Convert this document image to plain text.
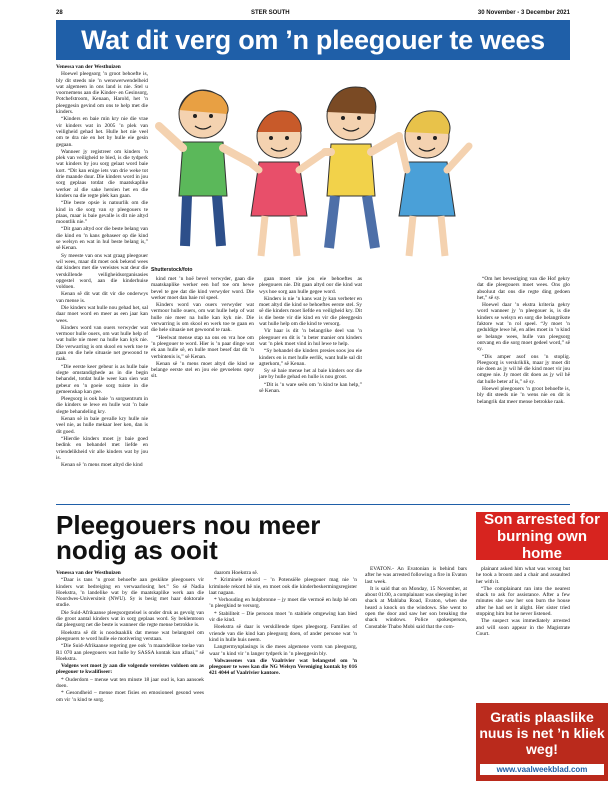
28	STER SOUTH	30 November - 3 December 2021
Wat dit verg om ’n pleegouer te wees

Venessa van der Westhuizen

Hoewel pleegsorg ’n groot behoefte is, bly dit steeds nie ’n wenswerwendelheid wat algemeen in ons land is nie. Stel u voornemens aan die Kinder- en Gesinsorg, Potchefstroom, Kenaan, Harold, het ’n pleeggesin gevind om ons te help met die kinders.

“Kinders en baie min kry nie die vrae vir kinders wat in 2005 ’n plek van veiligheid gehad het. Hulle het nie veel om te dra nie en het by hulle eie gesin gegaan.

Wanneer jy registreer om kinders ’n plek van veiligheid te bied, is die tydperk wat kinders by jou sorg gelaat word baie kort. “Dit kan enige iets van drie weke tot drie maande duur. Die kinders word in jou sorg geplaas totdat die maatskaplike werker al die sake hersien het en die kinders na die regte plek kan gaan.

“Die beste opsie is natuurlik om die kind in die sorg van sy pleegouers te plaas, maar is baie gevalle is dit nie altyd moontlik nie.”

“Dit gaan altyd oor die beste belang van die kind en ’n kans gebaseer op die kind se welsyn en wat in hul beste belang is,” sê Kenan.

Sy meeste van ons wat graag pleegouer wil wees, maar dit moet ook bekend wees dat kinders met die vereistes wat deur die verskillende veiligheidsorganisasies opgestel word, aan die kinderhuise voldoen.

Kenan sê dit wat dit vir die onderwys van mense is.

Die kinders wat hulle nou gehad het, sal daar moet word en meer as een jaar kan wees.

Kinders word van ouers verwyder wat vermoor hulle ouers, om wat hulle help of wat hulle nie meer na hulle kan kyk nie. Die verwarring is om skool en werk toe te gaan en die hele situasie net gewoond te raak.

“Die eerste keer gebeur is as hulle baie slegte omstandighede as in die begin behandel, totdat hulle weer kan sien wat gebeur en ’n goeie sorg tuiste in die gemeenskap kan gee.

Pleegsorg is ook baie ’n sorgsentrum in die kinders se lewe en hulle wat ’n baie slegte behandeling kry.

Kenan sê in baie gevalle kry hulle nie veel nie, as hulle mekaar leer ken, dan is dit goed.

“Hierdie kinders moet jy baie goed bedink en behandel met liefde en vriendelikheid vir alle kinders wat by jou is.

Kenan sê ’n mens moet altyd die kind

Shutterstock/foto

kind met ’n hoë bevel verwyder, gaan die maatskaplike werker een hof toe om hewe bevel te gee dat die kind verwyder word. Die werker moet dan baie rol speel.

Kinders word van ouers verwyder wat vermoor hulle ouers, om wat hulle help of wat hulle nie meer na hulle kan kyk nie. Die verwarring is om skool en werk toe te gaan en die hele situasie net gewoond te raak.

“Heelwat mense stap na ons en vra hoe om ’n pleegouer te word. Hier is ’n paar dinge wat ek aan hulle sê, en hulle moet besef dat dit ’n verbintenis is,” sê Kenan.

Kenan sê ’n mens moet altyd die kind se belange eerste stel en jou eie gevoelens opsy sit.

gaan moet nie jou eie behoeftes as pleegouers nie. Dit gaan altyd oor die kind wat wys hoe sorg aan hulle gegee word.

Kinders is nie ’n kans wat jy kan verbeter en moet altyd die kind se behoeftes eerste stel. Sy sê die kinders moet liefde en veiligheid kry. Dit is die beste vir die kind en vir die pleeggesin wat hulle help om die kind te versorg.

Vir haar is dit ’n belangrike deel van ’n pleegouer en dit is ’n beter manier om kinders wat ’n plek moet vind in hul lewe te help.

“Sy behandel die kinders presies soos jou eie kinders en is met hulle eerlik, want hulle sal dit agterkom,” sê Kenan.

Sy sê baie mense het al baie kinders oor die jare by hulle gehad en hulle is nou groot.

“Dit is ’n ware seën om ’n kind te kan help,” sê Kenan.

“Om het bevestiging van die Hof gekry dat die pleegouers moet wees. Ons glo absoluut dat ons die regte ding gedoen het,” sê sy.

Hoewel daar ’n ekstra kriteria gekry word wanneer jy ’n pleegouer is, is die kinders se welsyn en sorg die belangrikste faktore wat ’n rol speel. “Jy moet ’n geduldige lewe hê, en alles moet in ’n kind se belange wees, hulle van pleegsorg ontvang en die sorg moet gedeel word,” sê sy.

“Dis amper asof ons ’n stoplig. Pleegsorg is verskriklik, maar jy moet dit nie doen as jy wil hê die kind moet vir jou omgee nie. Jy moet dit doen as jy wil hê dat hulle beter af is,” sê sy.

Hoewel pleegouers ’n groot behoefte is, bly dit steeds nie ’n wens nie en dit is belangrik dat meer mense betrokke raak.

Pleegouers nou meer nodig as ooit

Venessa van der Westhuizen

“Daar is tans ’n groot behoefte aan geskikte pleegouers vir kinders wat bedreiging en verwaarlosing het.” So sê Nadia Hoekstra, ’n landelike wat by die maatskaplike werk aan die Noordwes-Universiteit (NWU). Sy is besig met haar doktorale studie.

Die Suid-Afrikaanse pleegsorgstelsel is onder druk as gevolg van die groot aantal kinders wat in sorg geplaas word. Sy beklemtoon dat pleegsorg net die beste is wanneer die regte mense betrokke is.

Hoekstra sê dit is noodsaaklik dat mense wat belangstel om pleegouers te word hulle eie motivering verstaan.

“Die Suid-Afrikaanse regering gee ook ’n maandelikse toelae van R1 070 aan pleegouers wat hulle by SASSA kontak kan aflaai,” sê Hoekstra.

Volgens wet moet jy aan die volgende vereistes voldoen om as pleegouer te kwalifiseer:

* Ouderdom – mense wat ten minste 18 jaar oud is, kan aansoek doen.

* Gesondheid – mense moet fisies en emosioneel gesond wees om vir ’n kind te sorg.

daarom Hoekstra sê.

* Kriminele rekord – ’n Potensiële pleegouer mag nie ’n kriminele rekord hê nie, en moet ook die kinderbeskermingsregister laat nagaan.

* Verhouding en hulpbronne – jy moet die vermoë en hulp hê om ’n pleegkind te versorg.

* Stabiliteit – Die persoon moet ’n stabiele omgewing kan bied vir die kind.

Hoekstra sê daar is verskillende tipes pleegsorg. Families of vriende van die kind kan pleegsorg doen, of ander persone wat ’n kind in hulle huis neem.

Langtermynplasings is die mees algemene vorm van pleegsorg, waar ’n kind vir ’n langer tydperk in ’n pleeggesin bly.

Volwassenes van die Vaalrivier wat belangstel om ’n pleegouer te wees kan die NG Welsyn Vereniging kontak by 016 421 4044 of Vaalrivier kantore.

Son arrested for burning own home

EVATON.- An Evatonian is behind bars after he was arrested following a fire in Evaton last week.

It is said that on Monday, 15 November, at about 01:00, a complainant was sleeping in her shack at Mahlaba Road, Evaton, when she heard a knock on the windows. She went to open the door and saw her son breaking the shack windows. Police spokesperson, Constable Thabo Mobi said that the com-

plainant asked him what was wrong but he took a broom and a chair and assaulted her with it.

“The complainant ran into the nearest shack to ask for assistance. After a few minutes she saw her son burn the house after he had set it alight. Her sister tried stopping him but he never listened.

The suspect was immediately arrested and will soon appear in the Magistrate Court.

Gratis plaaslike nuus is net ’n kliek weg!
www.vaalweekblad.com
